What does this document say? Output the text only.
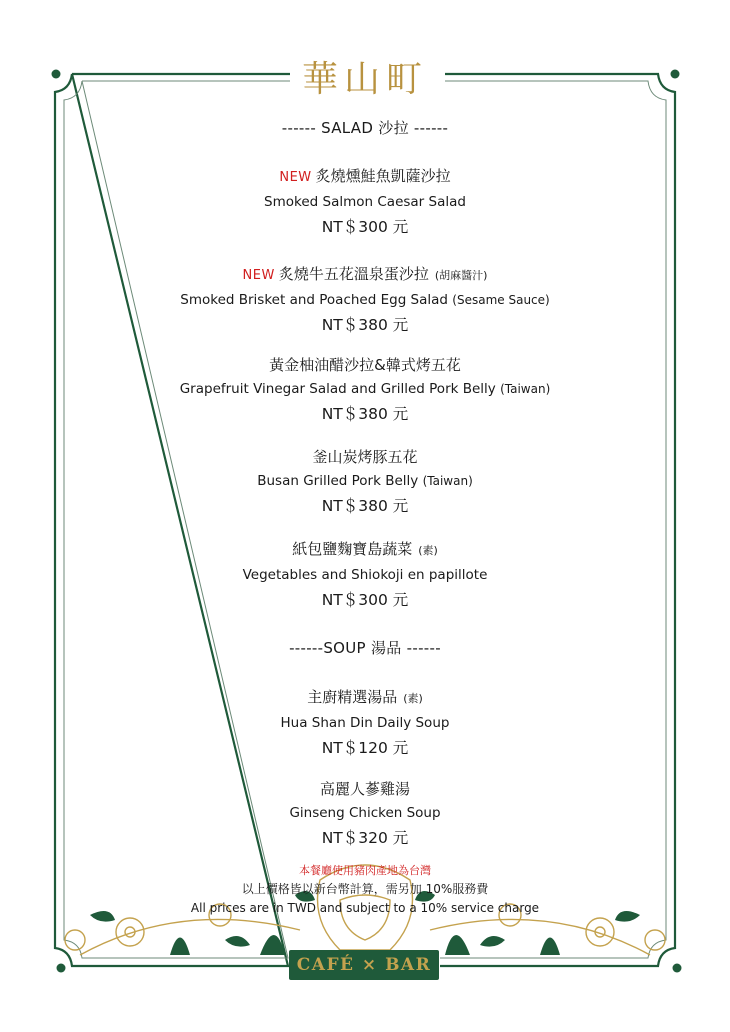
華山町
------ SALAD 沙拉 ------
NEW 炙燒燻鮭魚凱薩沙拉
Smoked Salmon Caesar Salad
NT＄300 元
NEW 炙燒牛五花溫泉蛋沙拉 (胡麻醬汁)
Smoked Brisket and Poached Egg Salad (Sesame Sauce)
NT＄380 元
黃金柚油醋沙拉&韓式烤五花
Grapefruit Vinegar Salad and Grilled Pork Belly (Taiwan)
NT＄380 元
釜山炭烤豚五花
Busan Grilled Pork Belly (Taiwan)
NT＄380 元
紙包鹽麴寶島蔬菜 (素)
Vegetables and Shiokoji en papillote
NT＄300 元
------SOUP 湯品 ------
主廚精選湯品 (素)
Hua Shan Din Daily Soup
NT＄120 元
高麗人蔘雞湯
Ginseng Chicken Soup
NT＄320 元
本餐廳使用豬肉產地為台灣
以上價格皆以新台幣計算，需另加 10%服務費
All prices are in TWD and subject to a 10% service charge
CAFÉ × BAR
